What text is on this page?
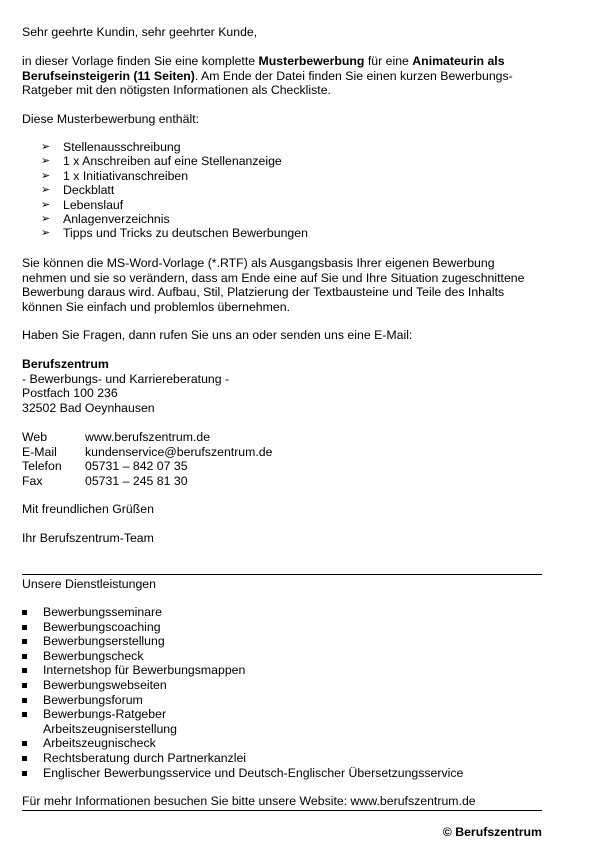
Sehr geehrte Kundin, sehr geehrter Kunde,

in dieser Vorlage finden Sie eine komplette Musterbewerbung für eine Animateurin als Berufseinsteigerin (11 Seiten). Am Ende der Datei finden Sie einen kurzen Bewerbungs-Ratgeber mit den nötigsten Informationen als Checkliste.

Diese Musterbewerbung enthält:

➢ Stellenausschreibung
➢ 1 x Anschreiben auf eine Stellenanzeige
➢ 1 x Initiativanschreiben
➢ Deckblatt
➢ Lebenslauf
➢ Anlagenverzeichnis
➢ Tipps und Tricks zu deutschen Bewerbungen

Sie können die MS-Word-Vorlage (*.RTF) als Ausgangsbasis Ihrer eigenen Bewerbung nehmen und sie so verändern, dass am Ende eine auf Sie und Ihre Situation zugeschnittene Bewerbung daraus wird. Aufbau, Stil, Platzierung der Textbausteine und Teile des Inhalts können Sie einfach und problemlos übernehmen.

Haben Sie Fragen, dann rufen Sie uns an oder senden uns eine E-Mail:

Berufszentrum

- Bewerbungs- und Karriereberatung -

Postfach 100 236

32502 Bad Oeynhausen

Web	www.berufszentrum.de
E-Mail	kundenservice@berufszentrum.de
Telefon	05731 – 842 07 35
Fax	05731 – 245 81 30

Mit freundlichen Grüßen

Ihr Berufszentrum-Team

Unsere Dienstleistungen

Bewerbungsseminare
Bewerbungscoaching
Bewerbungserstellung
Bewerbungscheck
Internetshop für Bewerbungsmappen
Bewerbungswebseiten
Bewerbungsforum
Bewerbungs-Ratgeber
Arbeitszeugniserstellung
Arbeitszeugnischeck
Rechtsberatung durch Partnerkanzlei
Englischer Bewerbungsservice und Deutsch-Englischer Übersetzungsservice

Für mehr Informationen besuchen Sie bitte unsere Website: www.berufszentrum.de

© Berufszentrum
